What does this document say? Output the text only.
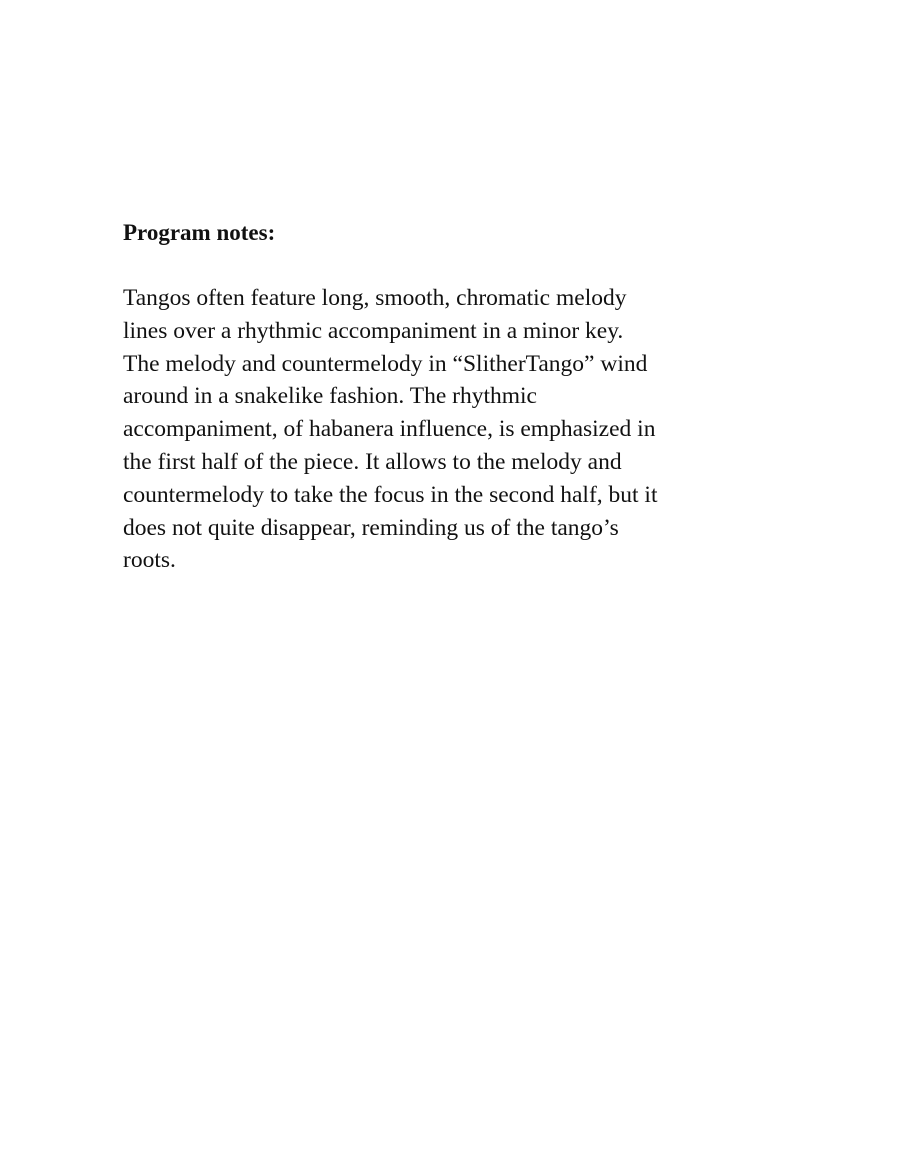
Program notes:

Tangos often feature long, smooth, chromatic melody
lines over a rhythmic accompaniment in a minor key.
The melody and countermelody in “SlitherTango” wind
around in a snakelike fashion. The rhythmic
accompaniment, of habanera influence, is emphasized in
the first half of the piece. It allows to the melody and
countermelody to take the focus in the second half, but it
does not quite disappear, reminding us of the tango’s
roots.
